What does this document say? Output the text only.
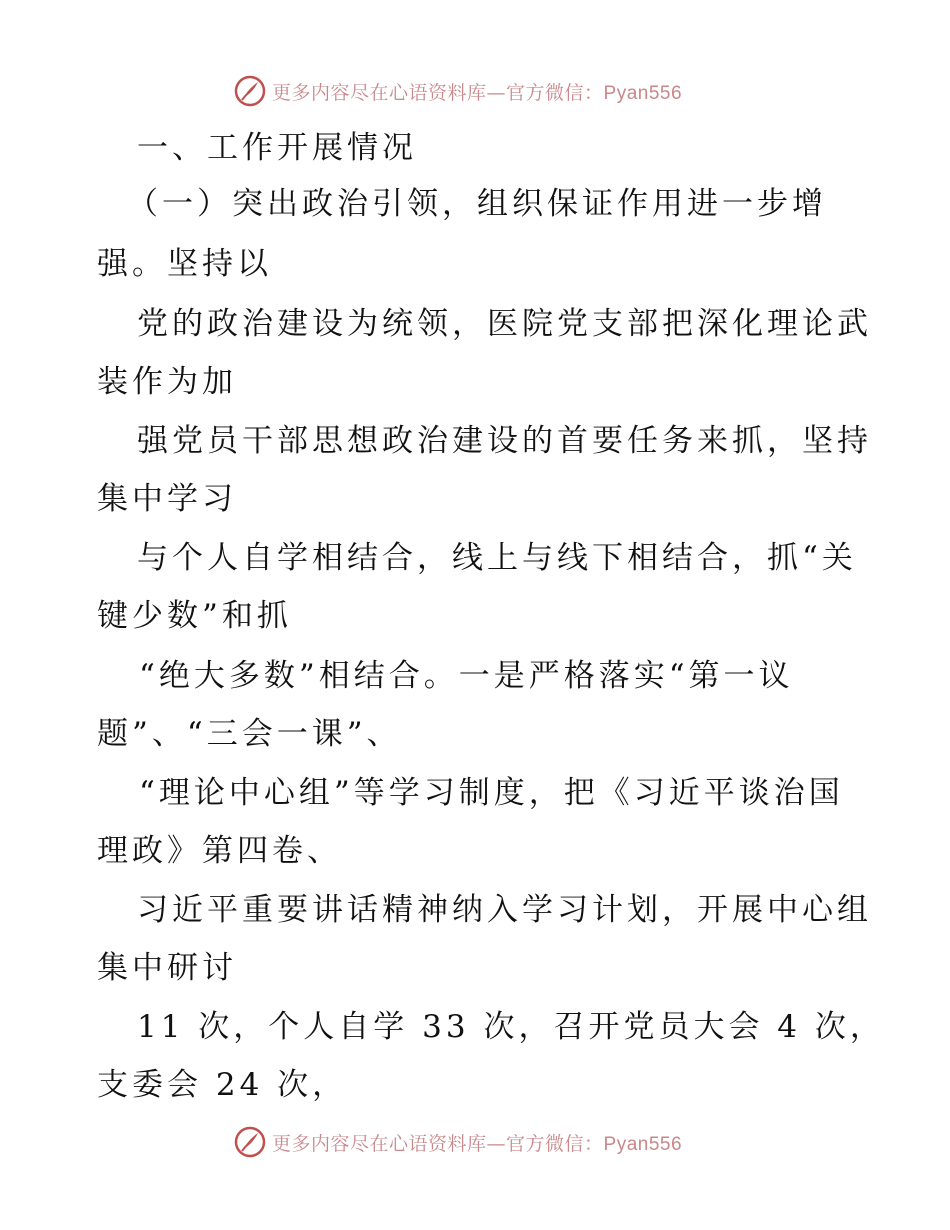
更多内容尽在心语资料库—官方微信：Pyan556
一、工作开展情况
（一）突出政治引领，组织保证作用进一步增
强。坚持以
党的政治建设为统领，医院党支部把深化理论武
装作为加
强党员干部思想政治建设的首要任务来抓，坚持
集中学习
与个人自学相结合，线上与线下相结合，抓“关
键少数”和抓
“绝大多数”相结合。一是严格落实“第一议
题”、“三会一课”、
“理论中心组”等学习制度，把《习近平谈治国
理政》第四卷、
习近平重要讲话精神纳入学习计划，开展中心组
集中研讨
11 次，个人自学 33 次，召开党员大会 4 次，
支委会 24 次，
更多内容尽在心语资料库—官方微信：Pyan556
